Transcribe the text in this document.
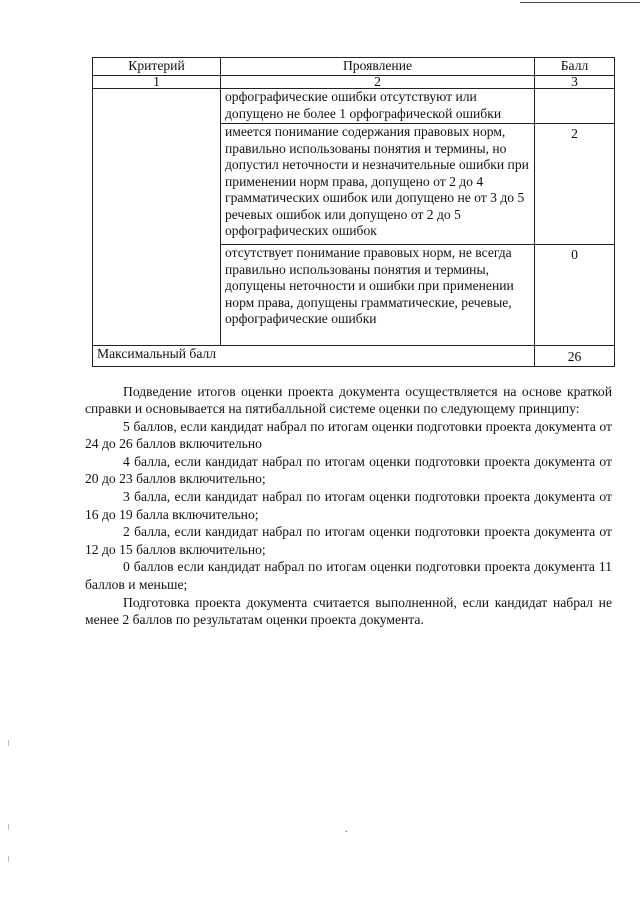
Критерий	Проявление	Балл
1	2	3
	орфографические ошибки отсутствуют или допущено не более 1 орфографической ошибки	
	имеется понимание содержания правовых норм, правильно использованы понятия и термины, но допустил неточности и незначительные ошибки при применении норм права, допущено от 2 до 4 грамматических ошибок или допущено не от 3 до 5 речевых ошибок или допущено от 2 до 5 орфографических ошибок	2
	отсутствует понимание правовых норм, не всегда правильно использованы понятия и термины, допущены неточности и ошибки при применении норм права, допущены грамматические, речевые, орфографические ошибки	0
Максимальный балл		26

Подведение итогов оценки проекта документа осуществляется на основе краткой справки и основывается на пятибалльной системе оценки по следующему принципу:

5 баллов, если кандидат набрал по итогам оценки подготовки проекта документа от 24 до 26 баллов включительно

4 балла, если кандидат набрал по итогам оценки подготовки проекта документа от 20 до 23 баллов включительно;

3 балла, если кандидат набрал по итогам оценки подготовки проекта документа от 16 до 19 балла включительно;

2 балла, если кандидат набрал по итогам оценки подготовки проекта документа от 12 до 15 баллов включительно;

0 баллов если кандидат набрал по итогам оценки подготовки проекта документа 11 баллов и меньше;

Подготовка проекта документа считается выполненной, если кандидат набрал не менее 2 баллов по результатам оценки проекта документа.

.
